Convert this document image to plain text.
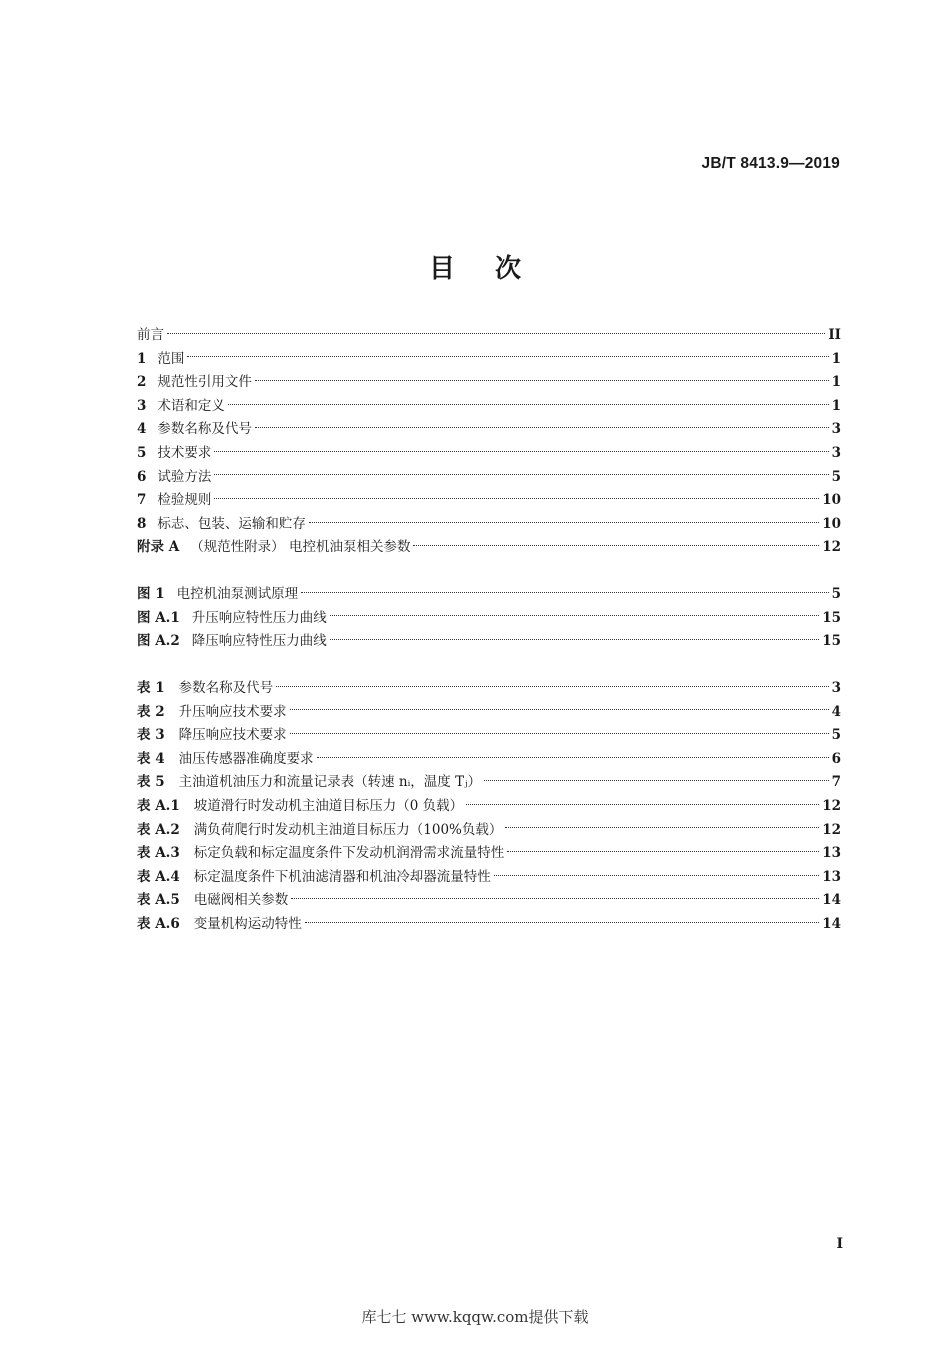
JB/T 8413.9—2019
目次
前言	II
1 范围	1
2 规范性引用文件	1
3 术语和定义	1
4 参数名称及代号	3
5 技术要求	3
6 试验方法	5
7 检验规则	10
8 标志、包装、运输和贮存	10
附录 A （规范性附录） 电控机油泵相关参数	12
图 1 电控机油泵测试原理	5
图 A.1 升压响应特性压力曲线	15
图 A.2 降压响应特性压力曲线	15
表 1 参数名称及代号	3
表 2 升压响应技术要求	4
表 3 降压响应技术要求	5
表 4 油压传感器准确度要求	6
表 5 主油道机油压力和流量记录表（转速 nᵢ，温度 Tⱼ）	7
表 A.1 坡道滑行时发动机主油道目标压力（0 负载）	12
表 A.2 满负荷爬行时发动机主油道目标压力（100%负载）	12
表 A.3 标定负载和标定温度条件下发动机润滑需求流量特性	13
表 A.4 标定温度条件下机油滤清器和机油冷却器流量特性	13
表 A.5 电磁阀相关参数	14
表 A.6 变量机构运动特性	14
I
库七七 www.kqqw.com提供下载
